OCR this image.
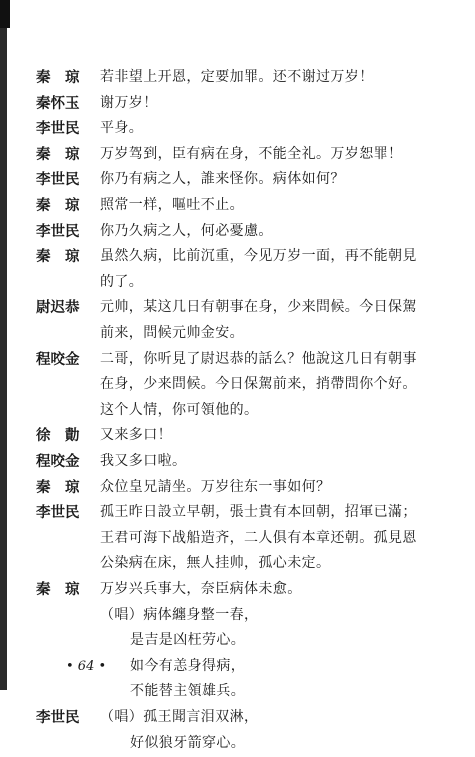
秦　琼	若非望上开恩，定要加罪。还不谢过万岁！
秦怀玉	谢万岁！
李世民	平身。
秦　琼	万岁驾到，臣有病在身，不能全礼。万岁恕罪！
李世民	你乃有病之人，誰来怪你。病体如何？
秦　琼	照常一样，嘔吐不止。
李世民	你乃久病之人，何必憂慮。
秦　琼	虽然久病，比前沉重，今见万岁一面，再不能朝見
的了。
尉迟恭	元帅，某这几日有朝事在身，少来問候。今日保駕
前来，問候元帅金安。
程咬金	二哥，你听見了尉迟恭的話么？他說这几日有朝事
在身，少来問候。今日保駕前来，捎帶問你个好。
这个人情，你可領他的。
徐　勣	又来多口！
程咬金	我又多口啦。
秦　琼	众位皇兄請坐。万岁往东一事如何？
李世民	孤王昨日設立早朝，張士貴有本回朝，招軍已滿；
王君可海下战船造齐，二人俱有本章还朝。孤見恩
公染病在床，無人挂帅，孤心未定。
秦　琼	万岁兴兵事大，奈臣病体未愈。
（唱）病体纏身整一春，
是吉是凶枉劳心。
如今有恙身得病，
不能替主領雄兵。
李世民	（唱）孤王聞言泪双淋，
好似狼牙箭穿心。
• 64 •
